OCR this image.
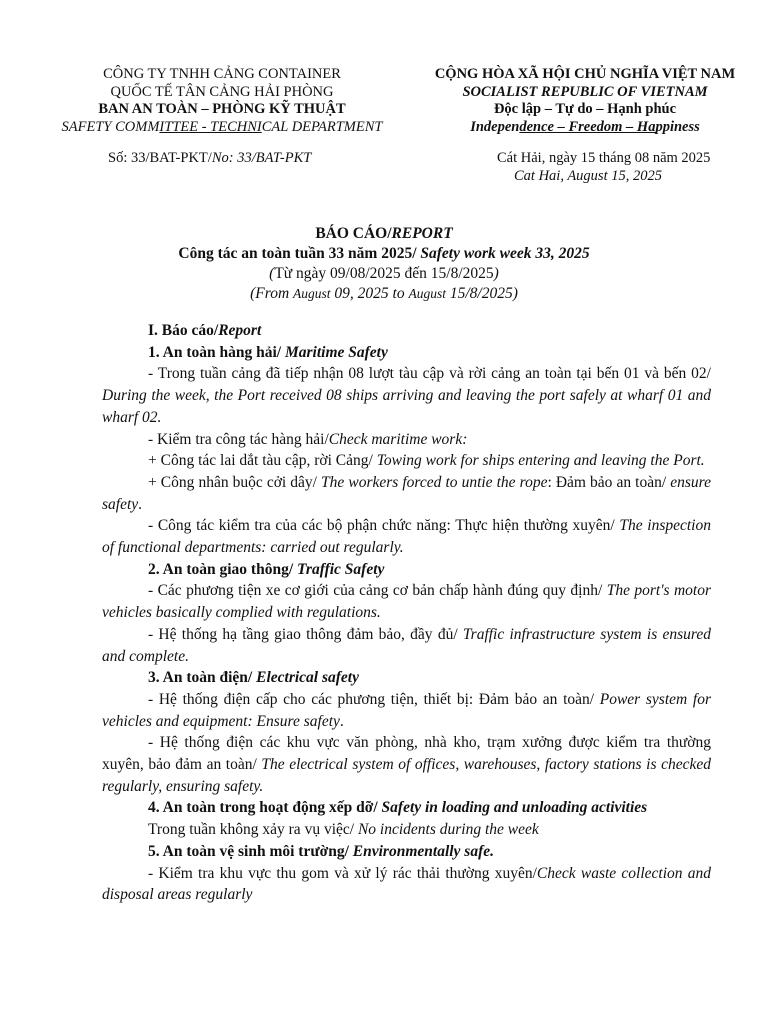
CÔNG TY TNHH CẢNG CONTAINER
QUỐC TẾ TÂN CẢNG HẢI PHÒNG
BAN AN TOÀN – PHÒNG KỸ THUẬT
SAFETY COMMITTEE - TECHNICAL DEPARTMENT
CỘNG HÒA XÃ HỘI CHỦ NGHĨA VIỆT NAM
SOCIALIST REPUBLIC OF VIETNAM
Độc lập – Tự do – Hạnh phúc
Independence – Freedom – Happiness
Số: 33/BAT-PKT/No: 33/BAT-PKT	Cát Hải, ngày 15 tháng 08 năm 2025
Cat Hai, August 15, 2025
BÁO CÁO/REPORT
Công tác an toàn tuần 33 năm 2025/ Safety work week 33, 2025
(Từ ngày 09/08/2025 đến 15/8/2025)
(From August 09, 2025 to August 15/8/2025)

I. Báo cáo/Report

1. An toàn hàng hải/ Maritime Safety

- Trong tuần cảng đã tiếp nhận 08 lượt tàu cập và rời cảng an toàn tại bến 01 và bến 02/ During the week, the Port received 08 ships arriving and leaving the port safely at wharf 01 and wharf 02.

- Kiểm tra công tác hàng hải/Check maritime work:

+ Công tác lai dắt tàu cập, rời Cảng/ Towing work for ships entering and leaving the Port.

+ Công nhân buộc cởi dây/ The workers forced to untie the rope: Đảm bảo an toàn/ ensure safety.

- Công tác kiểm tra của các bộ phận chức năng: Thực hiện thường xuyên/ The inspection of functional departments: carried out regularly.

2. An toàn giao thông/ Traffic Safety

- Các phương tiện xe cơ giới của cảng cơ bản chấp hành đúng quy định/ The port's motor vehicles basically complied with regulations.

- Hệ thống hạ tầng giao thông đảm bảo, đầy đủ/ Traffic infrastructure system is ensured and complete.

3. An toàn điện/ Electrical safety

- Hệ thống điện cấp cho các phương tiện, thiết bị: Đảm bảo an toàn/ Power system for vehicles and equipment: Ensure safety.

- Hệ thống điện các khu vực văn phòng, nhà kho, trạm xưởng được kiểm tra thường xuyên, bảo đảm an toàn/ The electrical system of offices, warehouses, factory stations is checked regularly, ensuring safety.

4. An toàn trong hoạt động xếp dỡ/ Safety in loading and unloading activities

Trong tuần không xảy ra vụ việc/ No incidents during the week

5. An toàn vệ sinh môi trường/ Environmentally safe.

- Kiểm tra khu vực thu gom và xử lý rác thải thường xuyên/Check waste collection and disposal areas regularly
